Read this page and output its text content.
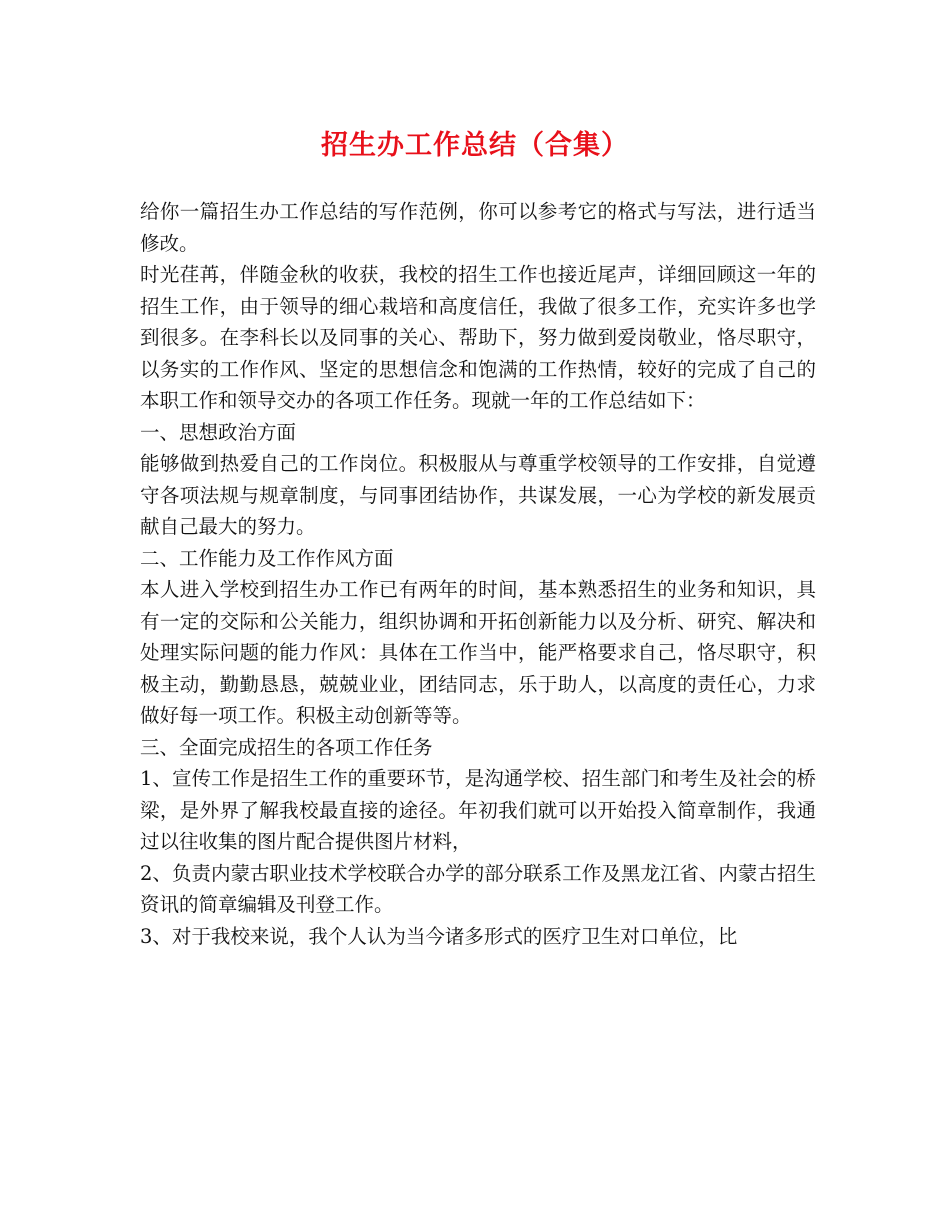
招生办工作总结（合集）

给你一篇招生办工作总结的写作范例，你可以参考它的格式与写法，进行适当修改。

时光荏苒，伴随金秋的收获，我校的招生工作也接近尾声，详细回顾这一年的招生工作，由于领导的细心栽培和高度信任，我做了很多工作，充实许多也学到很多。在李科长以及同事的关心、帮助下，努力做到爱岗敬业，恪尽职守，以务实的工作作风、坚定的思想信念和饱满的工作热情，较好的完成了自己的本职工作和领导交办的各项工作任务。现就一年的工作总结如下：

一、思想政治方面

能够做到热爱自己的工作岗位。积极服从与尊重学校领导的工作安排，自觉遵守各项法规与规章制度，与同事团结协作，共谋发展，一心为学校的新发展贡献自己最大的努力。

二、工作能力及工作作风方面

本人进入学校到招生办工作已有两年的时间，基本熟悉招生的业务和知识，具有一定的交际和公关能力，组织协调和开拓创新能力以及分析、研究、解决和处理实际问题的能力作风：具体在工作当中，能严格要求自己，恪尽职守，积极主动，勤勤恳恳，兢兢业业，团结同志，乐于助人，以高度的责任心，力求做好每一项工作。积极主动创新等等。

三、全面完成招生的各项工作任务

1、宣传工作是招生工作的重要环节，是沟通学校、招生部门和考生及社会的桥梁，是外界了解我校最直接的途径。年初我们就可以开始投入简章制作，我通过以往收集的图片配合提供图片材料，

2、负责内蒙古职业技术学校联合办学的部分联系工作及黑龙江省、内蒙古招生资讯的简章编辑及刊登工作。

3、对于我校来说，我个人认为当今诸多形式的医疗卫生对口单位，比
